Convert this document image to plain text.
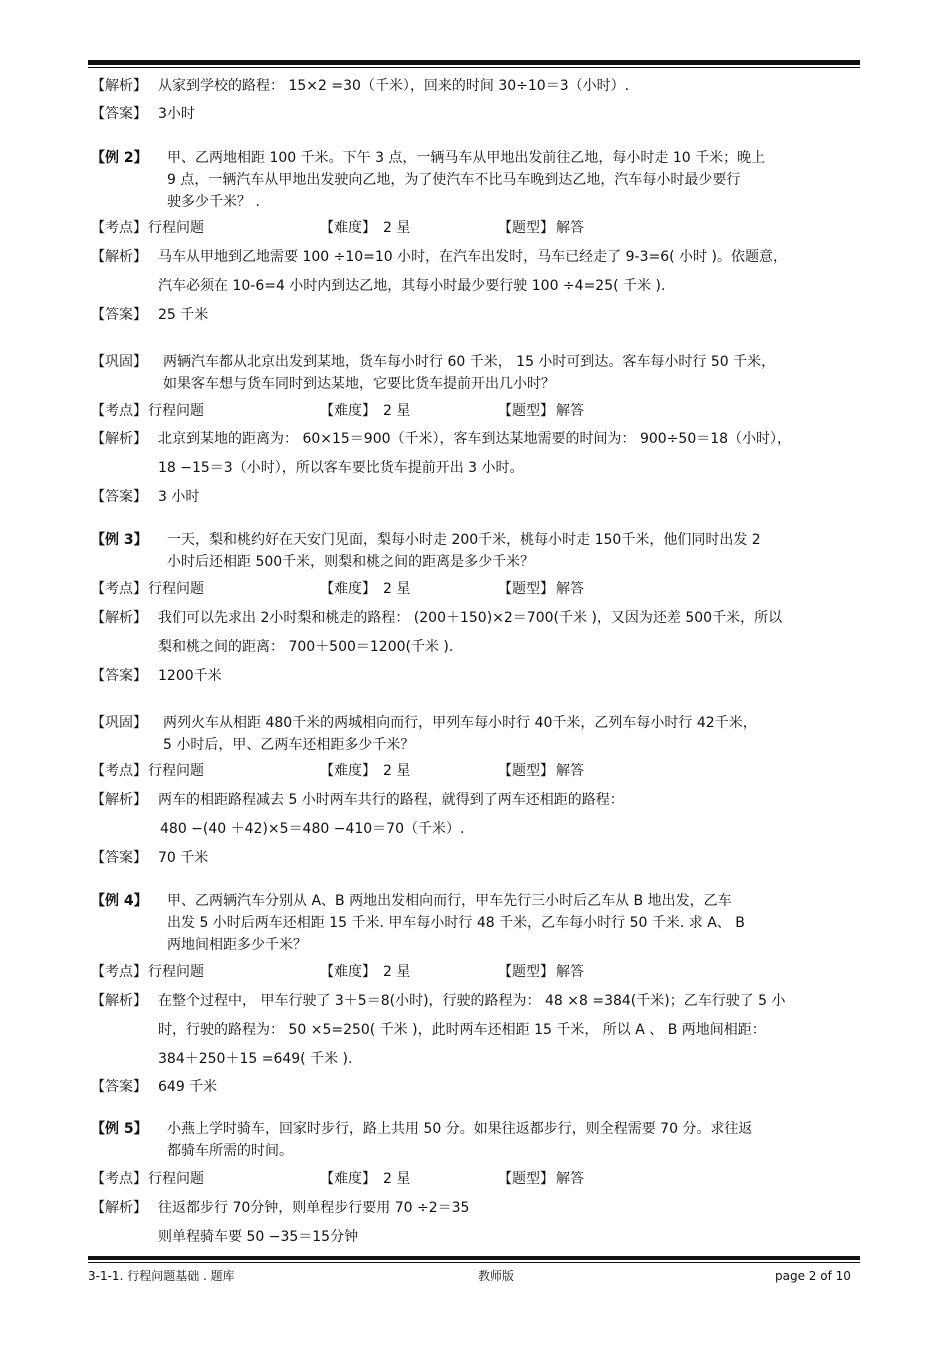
【解析】 从家到学校的路程： 15×2 =30（千米），回来的时间 30÷10＝3（小时）.
【答案】 3小时
【例 2】 甲、乙两地相距 100 千米。下午 3 点，一辆马车从甲地出发前往乙地，每小时走 10 千米；晚上
9 点，一辆汽车从甲地出发驶向乙地，为了使汽车不比马车晚到达乙地，汽车每小时最少要行
驶多少千米？ .
【考点】 行程问题	【难度】 2 星	【题型】 解答
【解析】 马车从甲地到乙地需要 100 ÷10=10 小时，在汽车出发时，马车已经走了 9-3=6( 小时 )。依题意，
汽车必须在 10-6=4 小时内到达乙地，其每小时最少要行驶 100 ÷4=25( 千米 ).
【答案】 25 千米
【巩固】 两辆汽车都从北京出发到某地，货车每小时行 60 千米， 15 小时可到达。客车每小时行 50 千米，
如果客车想与货车同时到达某地，它要比货车提前开出几小时？
【考点】 行程问题	【难度】 2 星	【题型】 解答
【解析】 北京到某地的距离为： 60×15＝900（千米），客车到达某地需要的时间为： 900÷50＝18（小时），
18 −15＝3（小时），所以客车要比货车提前开出 3 小时。
【答案】 3 小时
【例 3】 一天，梨和桃约好在天安门见面，梨每小时走 200千米，桃每小时走 150千米，他们同时出发 2
小时后还相距 500千米，则梨和桃之间的距离是多少千米？
【考点】 行程问题	【难度】 2 星	【题型】 解答
【解析】 我们可以先求出 2小时梨和桃走的路程： (200＋150)×2＝700(千米 )，又因为还差 500千米，所以
梨和桃之间的距离： 700＋500＝1200(千米 ).
【答案】 1200千米
【巩固】 两列火车从相距 480千米的两城相向而行，甲列车每小时行 40千米，乙列车每小时行 42千米，
5 小时后，甲、乙两车还相距多少千米？
【考点】 行程问题	【难度】 2 星	【题型】 解答
【解析】 两车的相距路程减去 5 小时两车共行的路程，就得到了两车还相距的路程：
480 −(40 ＋42)×5＝480 −410＝70（千米）.
【答案】 70 千米
【例 4】 甲、乙两辆汽车分别从 A、B 两地出发相向而行，甲车先行三小时后乙车从 B 地出发，乙车
出发 5 小时后两车还相距 15 千米. 甲车每小时行 48 千米，乙车每小时行 50 千米. 求 A、 B
两地间相距多少千米？
【考点】 行程问题	【难度】 2 星	【题型】 解答
【解析】 在整个过程中， 甲车行驶了 3＋5＝8(小时)，行驶的路程为： 48 ×8 =384(千米)；乙车行驶了 5 小
时，行驶的路程为： 50 ×5=250( 千米 )，此时两车还相距 15 千米， 所以 A 、 B 两地间相距：
384＋250＋15 =649( 千米 ).
【答案】 649 千米
【例 5】 小燕上学时骑车，回家时步行，路上共用 50 分。如果往返都步行，则全程需要 70 分。求往返
都骑车所需的时间。
【考点】 行程问题	【难度】 2 星	【题型】 解答
【解析】 往返都步行 70分钟，则单程步行要用 70 ÷2＝35
则单程骑车要 50 −35＝15分钟
3-1-1. 行程问题基础 . 题库	教师版	page 2 of 10
